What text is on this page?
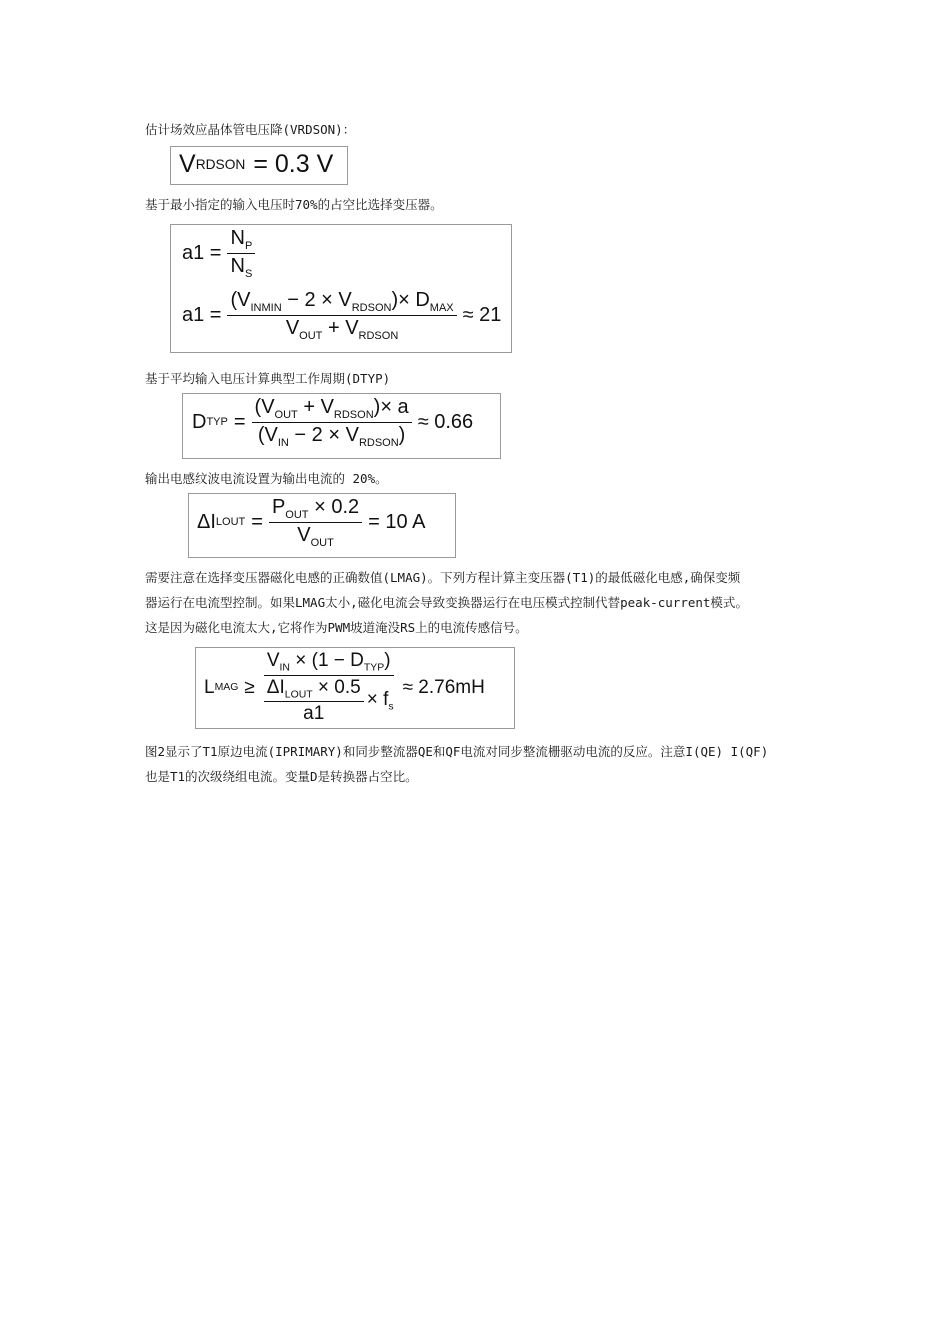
估计场效应晶体管电压降(VRDSON)：
V RDSON = 0.3 V
基于最小指定的输入电压时70%的占空比选择变压器。
$a1 = \frac{N_P}{N_S}$
$a1 = \frac{(V_{INMIN} - 2 \times V_{RDSON})\times D_{MAX}}{V_{OUT} + V_{RDSON}} \approx 21$
基于平均输入电压计算典型工作周期(DTYP)
D TYP = $\frac{(V_{OUT} + V_{RDSON})\times a}{(V_{IN} - 2 \times V_{RDSON})} \approx 0.66$
输出电感纹波电流设置为输出电流的 20%。
ΔI LOUT = $\frac{P_{OUT} \times 0.2}{V_{OUT}} = 10$ A
需要注意在选择变压器磁化电感的正确数值(LMAG)。下列方程计算主变压器(T1)的最低磁化电感,确保变频
器运行在电流型控制。如果LMAG太小,磁化电流会导致变换器运行在电压模式控制代替peak-current模式。
这是因为磁化电流太大,它将作为PWM坡道淹没RS上的电流传感信号。
L MAG ≥ $\frac{V_{IN} \times (1 - D_{TYP})}{\frac{\Delta I_{LOUT} \times 0.5}{a1} \times f_s} \approx 2.76mH$
图2显示了T1原边电流(IPRIMARY)和同步整流器QE和QF电流对同步整流栅驱动电流的反应。注意I(QE) I(QF)
也是T1的次级绕组电流。变量D是转换器占空比。
